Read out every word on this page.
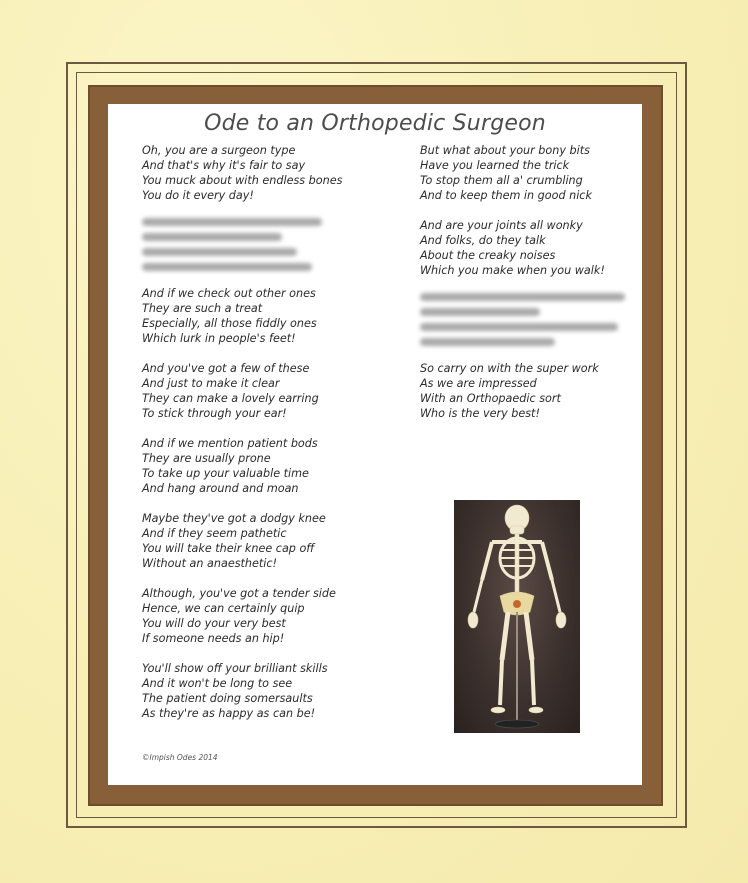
Ode to an Orthopedic Surgeon
Oh, you are a surgeon type
And that's why it's fair to say
You muck about with endless bones
You do it every day!
And if we check out other ones
They are such a treat
Especially, all those fiddly ones
Which lurk in people's feet!
And you've got a few of these
And just to make it clear
They can make a lovely earring
To stick through your ear!
And if we mention patient bods
They are usually prone
To take up your valuable time
And hang around and moan
Maybe they've got a dodgy knee
And if they seem pathetic
You will take their knee cap off
Without an anaesthetic!
Although, you've got a tender side
Hence, we can certainly quip
You will do your very best
If someone needs an hip!
You'll show off your brilliant skills
And it won't be long to see
The patient doing somersaults
As they're as happy as can be!
But what about your bony bits
Have you learned the trick
To stop them all a' crumbling
And to keep them in good nick
And are your joints all wonky
And folks, do they talk
About the creaky noises
Which you make when you walk!
So carry on with the super work
As we are impressed
With an Orthopaedic sort
Who is the very best!
©Impish Odes 2014
